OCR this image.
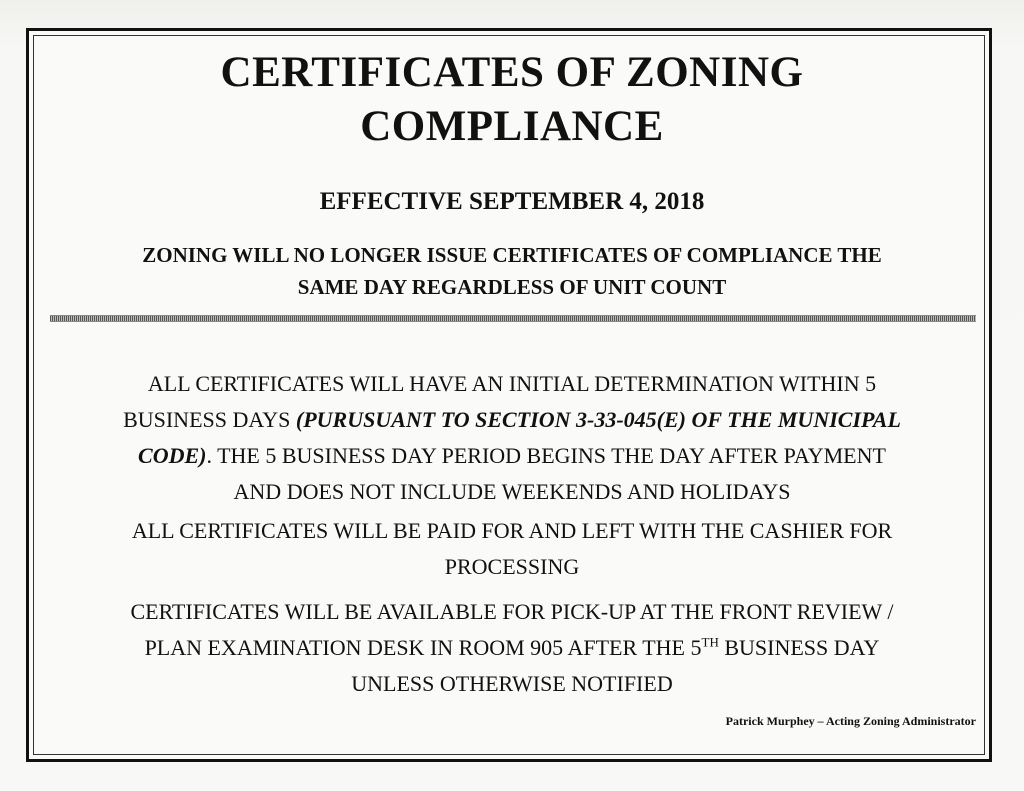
CERTIFICATES OF ZONING
COMPLIANCE
EFFECTIVE SEPTEMBER 4, 2018

ZONING WILL NO LONGER ISSUE CERTIFICATES OF COMPLIANCE THE
SAME DAY REGARDLESS OF UNIT COUNT

ALL CERTIFICATES WILL HAVE AN INITIAL DETERMINATION WITHIN 5
BUSINESS DAYS (PURUSUANT TO SECTION 3-33-045(E) OF THE MUNICIPAL
CODE). THE 5 BUSINESS DAY PERIOD BEGINS THE DAY AFTER PAYMENT
AND DOES NOT INCLUDE WEEKENDS AND HOLIDAYS

ALL CERTIFICATES WILL BE PAID FOR AND LEFT WITH THE CASHIER FOR
PROCESSING

CERTIFICATES WILL BE AVAILABLE FOR PICK-UP AT THE FRONT REVIEW /
PLAN EXAMINATION DESK IN ROOM 905 AFTER THE 5TH BUSINESS DAY
UNLESS OTHERWISE NOTIFIED

Patrick Murphey – Acting Zoning Administrator
